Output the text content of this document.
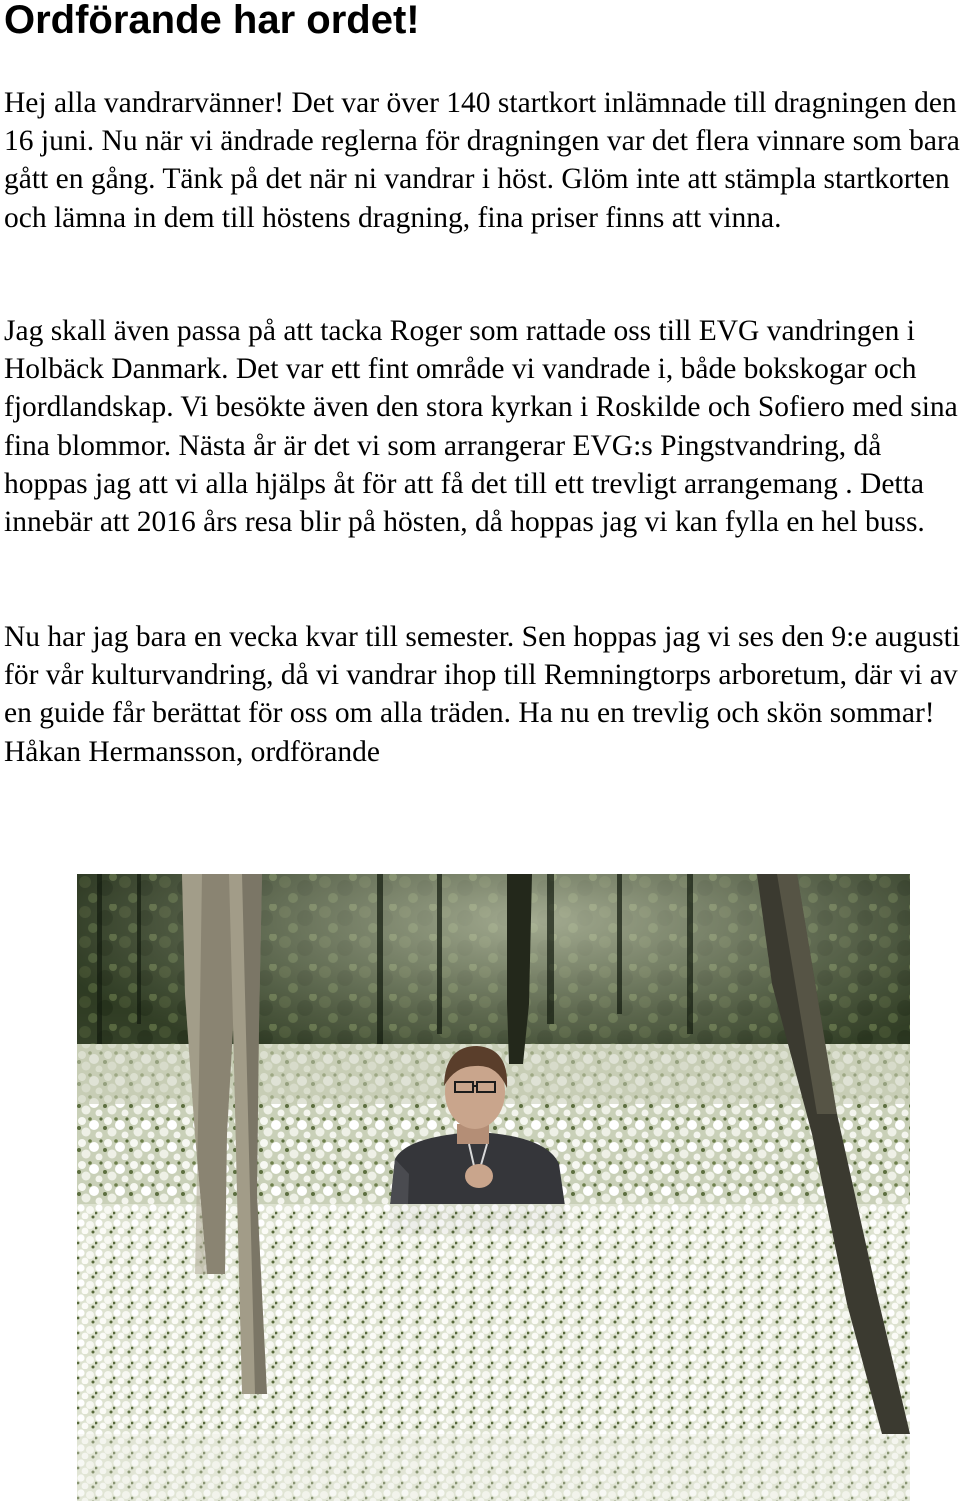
Ordförande har ordet!

Hej alla vandrarvänner! Det var över 140 startkort inlämnade till dragningen den 16 juni. Nu när vi ändrade reglerna för dragningen var det flera vinnare som bara gått en gång. Tänk på det när ni vandrar i höst. Glöm inte att stämpla startkorten och lämna in dem till höstens dragning, fina priser finns att vinna.

Jag skall även passa på att tacka Roger som rattade oss till EVG vandringen i Holbäck Danmark. Det var ett fint område vi vandrade i, både bokskogar och fjordlandskap. Vi besökte även den stora kyrkan i Roskilde och Sofiero med sina fina blommor. Nästa år är det vi som arrangerar EVG:s Pingstvandring, då hoppas jag att vi alla hjälps åt för att få det till ett trevligt arrangemang . Detta innebär att 2016 års resa blir på hösten, då hoppas jag vi kan fylla en hel buss.

Nu har jag bara en vecka kvar till semester. Sen hoppas jag vi ses den 9:e augusti för vår kulturvandring, då vi vandrar ihop till Remningtorps arboretum, där vi av en guide får berättat för oss om alla träden. Ha nu en trevlig och skön sommar!
Håkan Hermansson, ordförande
